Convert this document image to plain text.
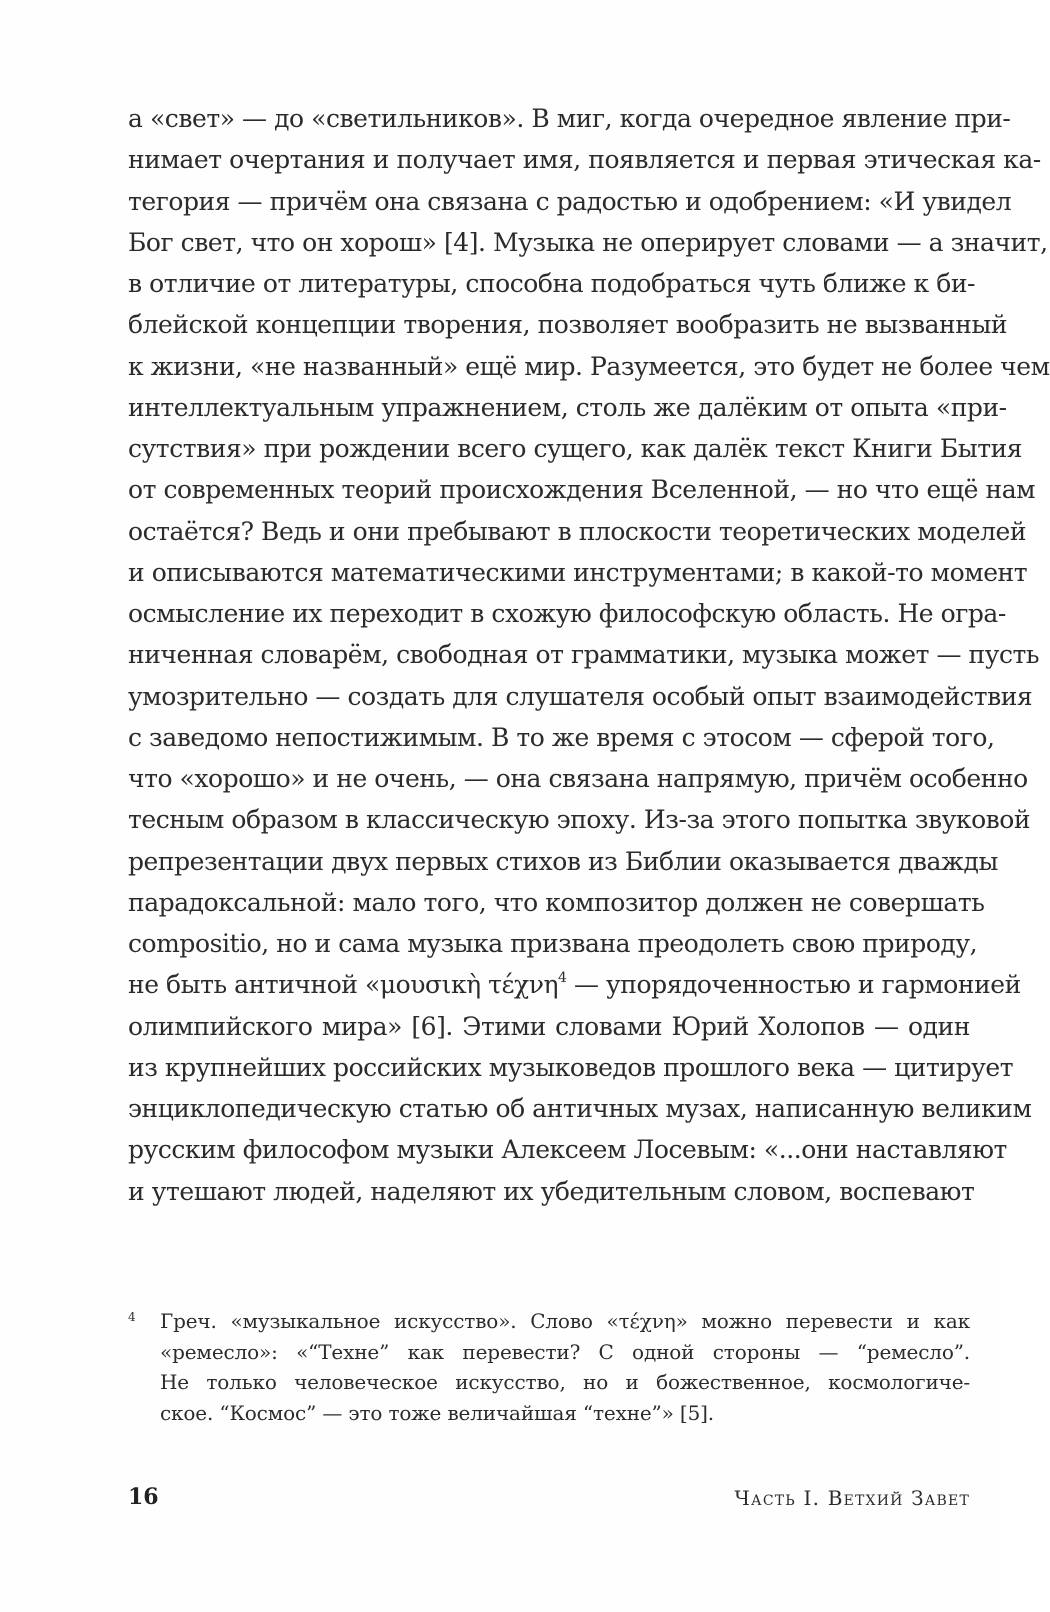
а «свет» — до «светильников». В миг, когда очередное явление при-
нимает очертания и получает имя, появляется и первая этическая ка-
тегория — причём она связана с радостью и одобрением: «И увидел
Бог свет, что он хорош» [4]. Музыка не оперирует словами — а значит,
в отличие от литературы, способна подобраться чуть ближе к би-
блейской концепции творения, позволяет вообразить не вызванный
к жизни, «не названный» ещё мир. Разумеется, это будет не более чем
интеллектуальным упражнением, столь же далёким от опыта «при-
сутствия» при рождении всего сущего, как далёк текст Книги Бытия
от современных теорий происхождения Вселенной, — но что ещё нам
остаётся? Ведь и они пребывают в плоскости теоретических моделей
и описываются математическими инструментами; в какой-то момент
осмысление их переходит в схожую философскую область. Не огра-
ниченная словарём, свободная от грамматики, музыка может — пусть
умозрительно — создать для слушателя особый опыт взаимодействия
с заведомо непостижимым. В то же время с этосом — сферой того,
что «хорошо» и не очень, — она связана напрямую, причём особенно
тесным образом в классическую эпоху. Из-за этого попытка звуковой
репрезентации двух первых стихов из Библии оказывается дважды
парадоксальной: мало того, что композитор должен не совершать
compositio, но и сама музыка призвана преодолеть свою природу,
не быть античной «μουσικὴ τέχνη$^4$ — упорядоченностью и гармонией
олимпийского мира» [6]. Этими словами Юрий Холопов — один
из крупнейших российских музыковедов прошлого века — цитирует
энциклопедическую статью об античных музах, написанную великим
русским философом музыки Алексеем Лосевым: «...они наставляют
и утешают людей, наделяют их убедительным словом, воспевают
4 Греч. «музыкальное искусство». Слово «τέχνη» можно перевести и как
«ремесло»: «“Техне” как перевести? С одной стороны — “ремесло”.
Не только человеческое искусство, но и божественное, космологиче-
ское. “Космос” — это тоже величайшая “техне”» [5].
16	Часть I. Ветхий Завет
